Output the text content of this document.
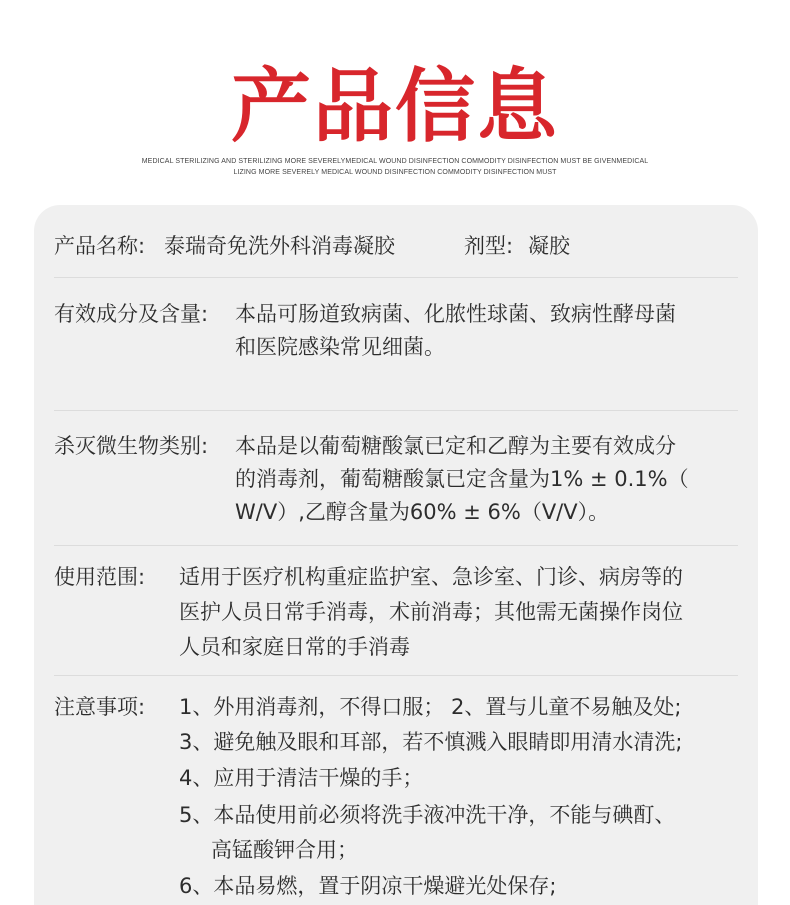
产品信息
MEDICAL STERILIZING AND STERILIZING MORE SEVERELYMEDICAL WOUND DISINFECTION COMMODITY DISINFECTION MUST BE GIVENMEDICAL
LIZING MORE SEVERELY MEDICAL WOUND DISINFECTION COMMODITY DISINFECTION MUST
产品名称: 泰瑞奇免洗外科消毒凝胶	剂型: 凝胶
有效成分及含量: 本品可肠道致病菌、化脓性球菌、致病性酵母菌
和医院感染常见细菌。
杀灭微生物类别: 本品是以葡萄糖酸氯已定和乙醇为主要有效成分
的消毒剂，葡萄糖酸氯已定含量为1% ± 0.1%（
W/V）,乙醇含量为60% ± 6%（V/V）。
使用范围: 适用于医疗机构重症监护室、急诊室、门诊、病房等的
医护人员日常手消毒，术前消毒；其他需无菌操作岗位
人员和家庭日常的手消毒
注意事项: 1、外用消毒剂，不得口服； 2、置与儿童不易触及处;
3、避免触及眼和耳部，若不慎溅入眼睛即用清水清洗;
4、应用于清洁干燥的手；
5、本品使用前必须将洗手液冲洗干净，不能与碘酊、
高锰酸钾合用；
6、本品易燃，置于阴凉干燥避光处保存;
